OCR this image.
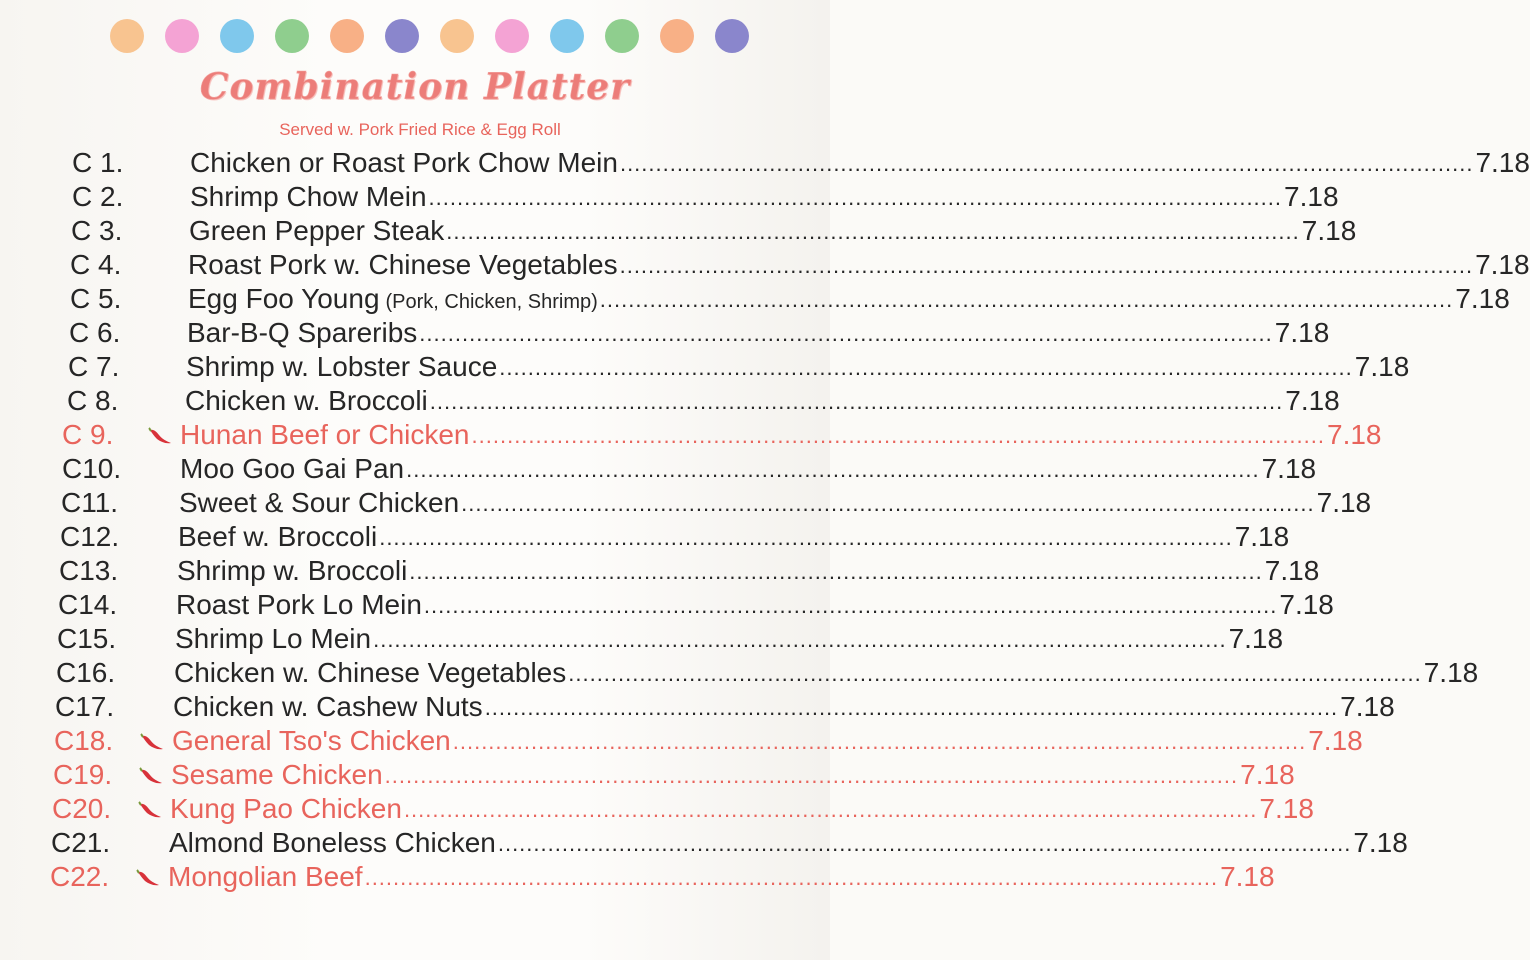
Combination Platter
Served w. Pork Fried Rice & Egg Roll
C 1.	Chicken or Roast Pork Chow Mein ........................................................................................................................ 7.18
C 2.	Shrimp Chow Mein ........................................................................................................................ 7.18
C 3.	Green Pepper Steak ........................................................................................................................ 7.18
C 4.	Roast Pork w. Chinese Vegetables ........................................................................................................................ 7.18
C 5.	Egg Foo Young (Pork, Chicken, Shrimp) ........................................................................................................................ 7.18
C 6.	Bar-B-Q Spareribs ........................................................................................................................ 7.18
C 7.	Shrimp w. Lobster Sauce ........................................................................................................................ 7.18
C 8.	Chicken w. Broccoli ........................................................................................................................ 7.18
C 9.	Hunan Beef or Chicken ........................................................................................................................ 7.18
C10.	Moo Goo Gai Pan ........................................................................................................................ 7.18
C11.	Sweet & Sour Chicken ........................................................................................................................ 7.18
C12.	Beef w. Broccoli ........................................................................................................................ 7.18
C13.	Shrimp w. Broccoli ........................................................................................................................ 7.18
C14.	Roast Pork Lo Mein ........................................................................................................................ 7.18
C15.	Shrimp Lo Mein ........................................................................................................................ 7.18
C16.	Chicken w. Chinese Vegetables ........................................................................................................................ 7.18
C17.	Chicken w. Cashew Nuts ........................................................................................................................ 7.18
C18.	General Tso's Chicken ........................................................................................................................ 7.18
C19.	Sesame Chicken ........................................................................................................................ 7.18
C20.	Kung Pao Chicken ........................................................................................................................ 7.18
C21.	Almond Boneless Chicken ........................................................................................................................ 7.18
C22.	Mongolian Beef ........................................................................................................................ 7.18
